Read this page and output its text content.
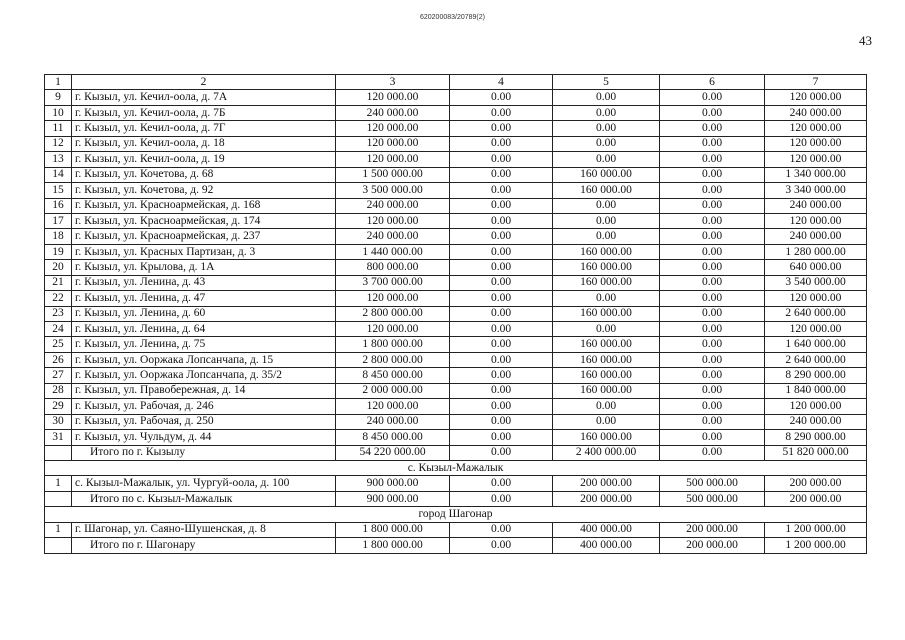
620200083/20789(2)
43
1	2	3	4	5	6	7
9	г. Кызыл, ул. Кечил-оола, д. 7А	120 000.00	0.00	0.00	0.00	120 000.00
10	г. Кызыл, ул. Кечил-оола, д. 7Б	240 000.00	0.00	0.00	0.00	240 000.00
11	г. Кызыл, ул. Кечил-оола, д. 7Г	120 000.00	0.00	0.00	0.00	120 000.00
12	г. Кызыл, ул. Кечил-оола, д. 18	120 000.00	0.00	0.00	0.00	120 000.00
13	г. Кызыл, ул. Кечил-оола, д. 19	120 000.00	0.00	0.00	0.00	120 000.00
14	г. Кызыл, ул. Кочетова, д. 68	1 500 000.00	0.00	160 000.00	0.00	1 340 000.00
15	г. Кызыл, ул. Кочетова, д. 92	3 500 000.00	0.00	160 000.00	0.00	3 340 000.00
16	г. Кызыл, ул. Красноармейская, д. 168	240 000.00	0.00	0.00	0.00	240 000.00
17	г. Кызыл, ул. Красноармейская, д. 174	120 000.00	0.00	0.00	0.00	120 000.00
18	г. Кызыл, ул. Красноармейская, д. 237	240 000.00	0.00	0.00	0.00	240 000.00
19	г. Кызыл, ул. Красных Партизан, д. 3	1 440 000.00	0.00	160 000.00	0.00	1 280 000.00
20	г. Кызыл, ул. Крылова, д. 1А	800 000.00	0.00	160 000.00	0.00	640 000.00
21	г. Кызыл, ул. Ленина, д. 43	3 700 000.00	0.00	160 000.00	0.00	3 540 000.00
22	г. Кызыл, ул. Ленина, д. 47	120 000.00	0.00	0.00	0.00	120 000.00
23	г. Кызыл, ул. Ленина, д. 60	2 800 000.00	0.00	160 000.00	0.00	2 640 000.00
24	г. Кызыл, ул. Ленина, д. 64	120 000.00	0.00	0.00	0.00	120 000.00
25	г. Кызыл, ул. Ленина, д. 75	1 800 000.00	0.00	160 000.00	0.00	1 640 000.00
26	г. Кызыл, ул. Ооржака Лопсанчапа, д. 15	2 800 000.00	0.00	160 000.00	0.00	2 640 000.00
27	г. Кызыл, ул. Ооржака Лопсанчапа, д. 35/2	8 450 000.00	0.00	160 000.00	0.00	8 290 000.00
28	г. Кызыл, ул. Правобережная, д. 14	2 000 000.00	0.00	160 000.00	0.00	1 840 000.00
29	г. Кызыл, ул. Рабочая, д. 246	120 000.00	0.00	0.00	0.00	120 000.00
30	г. Кызыл, ул. Рабочая, д. 250	240 000.00	0.00	0.00	0.00	240 000.00
31	г. Кызыл, ул. Чульдум, д. 44	8 450 000.00	0.00	160 000.00	0.00	8 290 000.00
	Итого по г. Кызылу	54 220 000.00	0.00	2 400 000.00	0.00	51 820 000.00
с. Кызыл-Мажалык						
1	с. Кызыл-Мажалык, ул. Чургуй-оола, д. 100	900 000.00	0.00	200 000.00	500 000.00	200 000.00
	Итого по с. Кызыл-Мажалык	900 000.00	0.00	200 000.00	500 000.00	200 000.00
город Шагонар						
1	г. Шагонар, ул. Саяно-Шушенская, д. 8	1 800 000.00	0.00	400 000.00	200 000.00	1 200 000.00
	Итого по г. Шагонару	1 800 000.00	0.00	400 000.00	200 000.00	1 200 000.00
